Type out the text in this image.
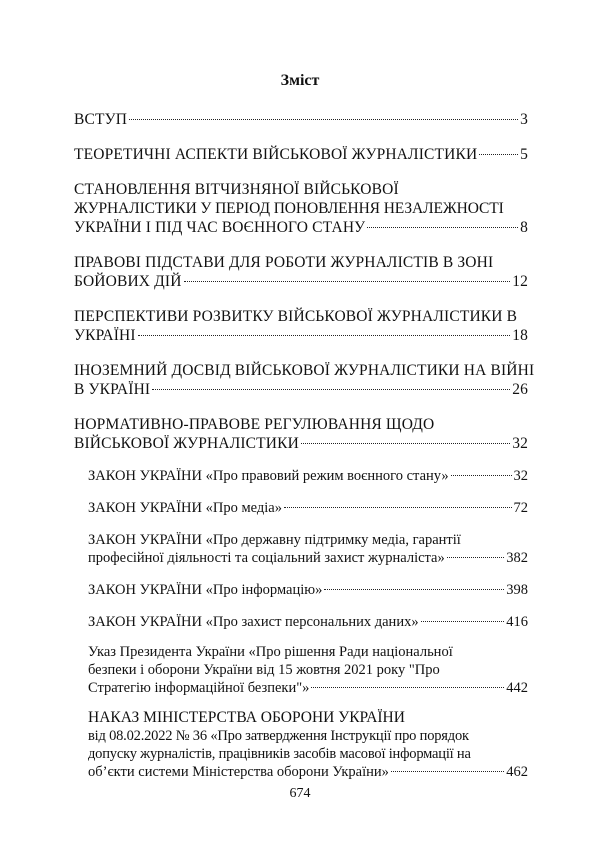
Зміст
ВСТУП	3
ТЕОРЕТИЧНІ АСПЕКТИ ВІЙСЬКОВОЇ ЖУРНАЛІСТИКИ	5
СТАНОВЛЕННЯ ВІТЧИЗНЯНОЇ ВІЙСЬКОВОЇ
ЖУРНАЛІСТИКИ У ПЕРІОД ПОНОВЛЕННЯ НЕЗАЛЕЖНОСТІ
УКРАЇНИ І ПІД ЧАС ВОЄННОГО СТАНУ	8
ПРАВОВІ ПІДСТАВИ ДЛЯ РОБОТИ ЖУРНАЛІСТІВ В ЗОНІ
БОЙОВИХ ДІЙ	12
ПЕРСПЕКТИВИ РОЗВИТКУ ВІЙСЬКОВОЇ ЖУРНАЛІСТИКИ В
УКРАЇНІ	18
ІНОЗЕМНИЙ ДОСВІД ВІЙСЬКОВОЇ ЖУРНАЛІСТИКИ НА ВІЙНІ
В УКРАЇНІ	26
НОРМАТИВНО-ПРАВОВЕ РЕГУЛЮВАННЯ ЩОДО
ВІЙСЬКОВОЇ ЖУРНАЛІСТИКИ	32
ЗАКОН УКРАЇНИ «Про правовий режим воєнного стану»	32
ЗАКОН УКРАЇНИ «Про медіа»	72
ЗАКОН УКРАЇНИ «Про державну підтримку медіа, гарантії
професійної діяльності та соціальний захист журналіста»	382
ЗАКОН УКРАЇНИ «Про інформацію»	398
ЗАКОН УКРАЇНИ «Про захист персональних даних»	416
Указ Президента України «Про рішення Ради національної
безпеки і оборони України від 15 жовтня 2021 року "Про
Стратегію інформаційної безпеки"»	442
НАКАЗ МІНІСТЕРСТВА ОБОРОНИ УКРАЇНИ
від 08.02.2022 № 36 «Про затвердження Інструкції про порядок
допуску журналістів, працівників засобів масової інформації на
об’єкти системи Міністерства оборони України»	462
674
